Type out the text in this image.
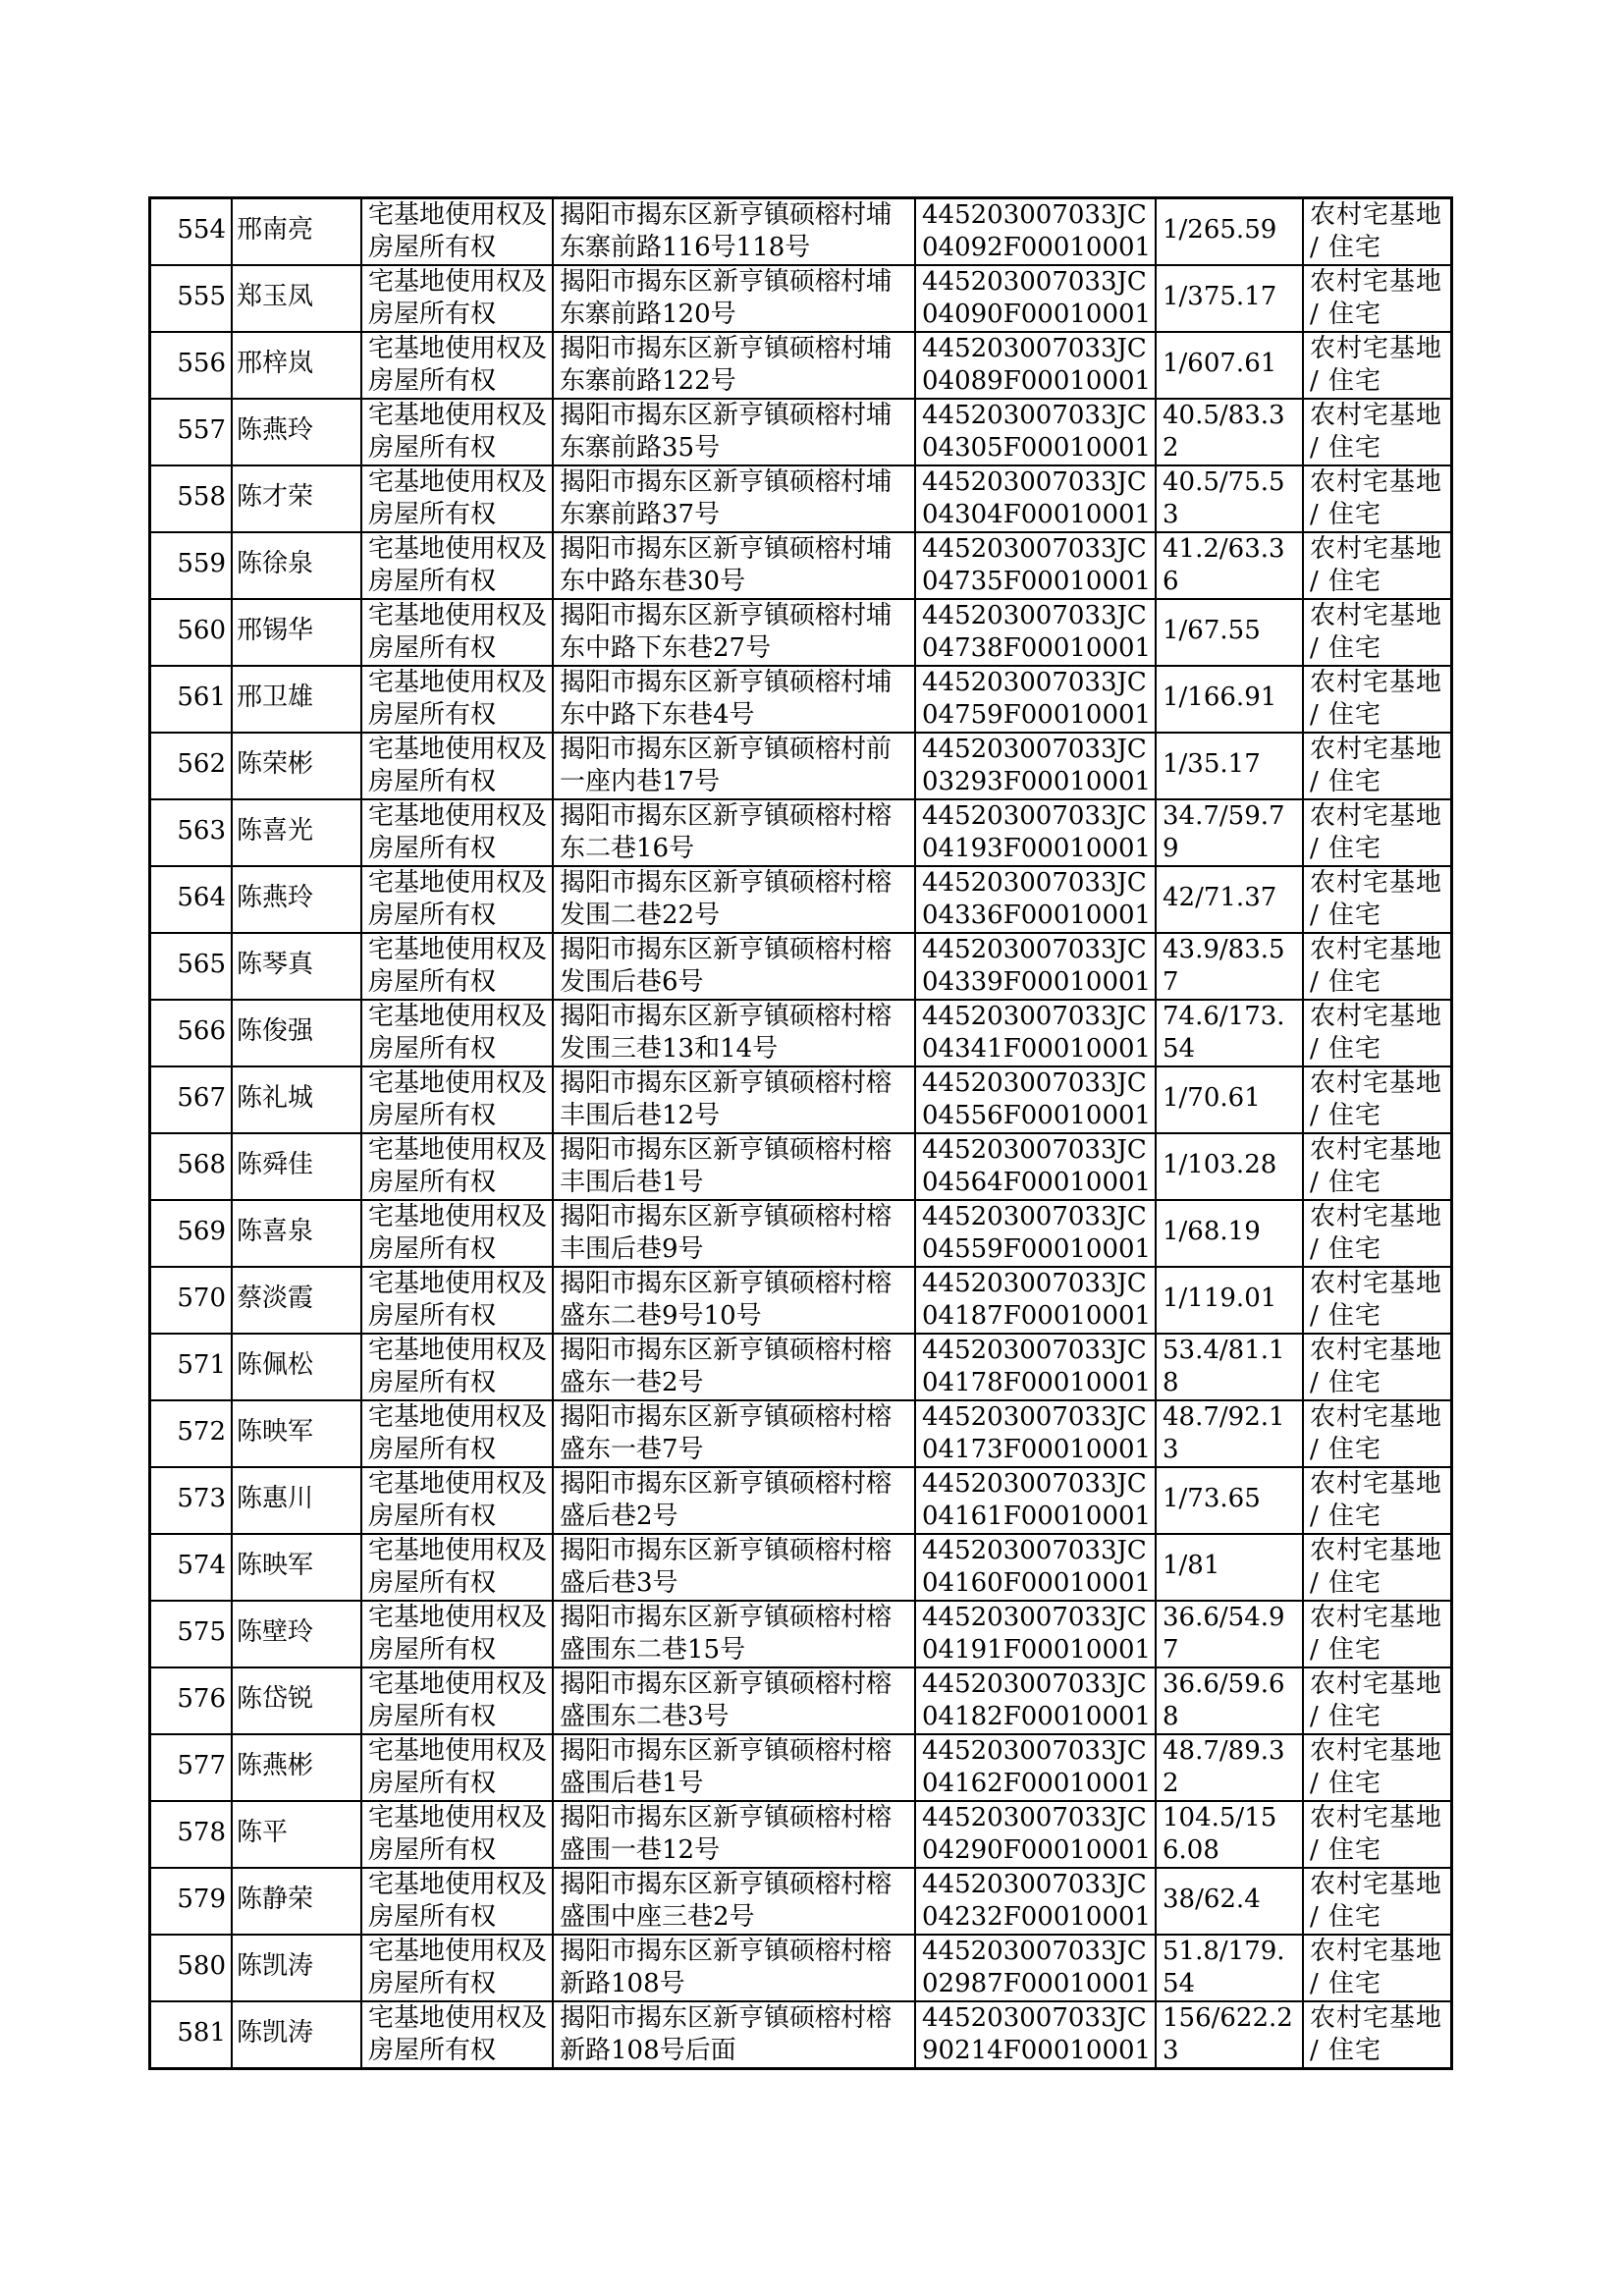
554	邢南亮	宅基地使用权及房屋所有权	揭阳市揭东区新亨镇硕榕村埔东寨前路116号118号	445203007033JC04092F00010001	1/265.59	农村宅基地 / 住宅

555	郑玉凤	宅基地使用权及房屋所有权	揭阳市揭东区新亨镇硕榕村埔东寨前路120号	445203007033JC04090F00010001	1/375.17	农村宅基地 / 住宅

556	邢梓岚	宅基地使用权及房屋所有权	揭阳市揭东区新亨镇硕榕村埔东寨前路122号	445203007033JC04089F00010001	1/607.61	农村宅基地 / 住宅

557	陈燕玲	宅基地使用权及房屋所有权	揭阳市揭东区新亨镇硕榕村埔东寨前路35号	445203007033JC04305F00010001	40.5/83.32	农村宅基地 / 住宅

558	陈才荣	宅基地使用权及房屋所有权	揭阳市揭东区新亨镇硕榕村埔东寨前路37号	445203007033JC04304F00010001	40.5/75.53	农村宅基地 / 住宅

559	陈徐泉	宅基地使用权及房屋所有权	揭阳市揭东区新亨镇硕榕村埔东中路东巷30号	445203007033JC04735F00010001	41.2/63.36	农村宅基地 / 住宅

560	邢锡华	宅基地使用权及房屋所有权	揭阳市揭东区新亨镇硕榕村埔东中路下东巷27号	445203007033JC04738F00010001	1/67.55	农村宅基地 / 住宅

561	邢卫雄	宅基地使用权及房屋所有权	揭阳市揭东区新亨镇硕榕村埔东中路下东巷4号	445203007033JC04759F00010001	1/166.91	农村宅基地 / 住宅

562	陈荣彬	宅基地使用权及房屋所有权	揭阳市揭东区新亨镇硕榕村前一座内巷17号	445203007033JC03293F00010001	1/35.17	农村宅基地 / 住宅

563	陈喜光	宅基地使用权及房屋所有权	揭阳市揭东区新亨镇硕榕村榕东二巷16号	445203007033JC04193F00010001	34.7/59.79	农村宅基地 / 住宅

564	陈燕玲	宅基地使用权及房屋所有权	揭阳市揭东区新亨镇硕榕村榕发围二巷22号	445203007033JC04336F00010001	42/71.37	农村宅基地 / 住宅

565	陈琴真	宅基地使用权及房屋所有权	揭阳市揭东区新亨镇硕榕村榕发围后巷6号	445203007033JC04339F00010001	43.9/83.57	农村宅基地 / 住宅

566	陈俊强	宅基地使用权及房屋所有权	揭阳市揭东区新亨镇硕榕村榕发围三巷13和14号	445203007033JC04341F00010001	74.6/173.54	农村宅基地 / 住宅

567	陈礼城	宅基地使用权及房屋所有权	揭阳市揭东区新亨镇硕榕村榕丰围后巷12号	445203007033JC04556F00010001	1/70.61	农村宅基地 / 住宅

568	陈舜佳	宅基地使用权及房屋所有权	揭阳市揭东区新亨镇硕榕村榕丰围后巷1号	445203007033JC04564F00010001	1/103.28	农村宅基地 / 住宅

569	陈喜泉	宅基地使用权及房屋所有权	揭阳市揭东区新亨镇硕榕村榕丰围后巷9号	445203007033JC04559F00010001	1/68.19	农村宅基地 / 住宅

570	蔡淡霞	宅基地使用权及房屋所有权	揭阳市揭东区新亨镇硕榕村榕盛东二巷9号10号	445203007033JC04187F00010001	1/119.01	农村宅基地 / 住宅

571	陈佩松	宅基地使用权及房屋所有权	揭阳市揭东区新亨镇硕榕村榕盛东一巷2号	445203007033JC04178F00010001	53.4/81.18	农村宅基地 / 住宅

572	陈映军	宅基地使用权及房屋所有权	揭阳市揭东区新亨镇硕榕村榕盛东一巷7号	445203007033JC04173F00010001	48.7/92.13	农村宅基地 / 住宅

573	陈惠川	宅基地使用权及房屋所有权	揭阳市揭东区新亨镇硕榕村榕盛后巷2号	445203007033JC04161F00010001	1/73.65	农村宅基地 / 住宅

574	陈映军	宅基地使用权及房屋所有权	揭阳市揭东区新亨镇硕榕村榕盛后巷3号	445203007033JC04160F00010001	1/81	农村宅基地 / 住宅

575	陈壁玲	宅基地使用权及房屋所有权	揭阳市揭东区新亨镇硕榕村榕盛围东二巷15号	445203007033JC04191F00010001	36.6/54.97	农村宅基地 / 住宅

576	陈岱锐	宅基地使用权及房屋所有权	揭阳市揭东区新亨镇硕榕村榕盛围东二巷3号	445203007033JC04182F00010001	36.6/59.68	农村宅基地 / 住宅

577	陈燕彬	宅基地使用权及房屋所有权	揭阳市揭东区新亨镇硕榕村榕盛围后巷1号	445203007033JC04162F00010001	48.7/89.32	农村宅基地 / 住宅

578	陈平	宅基地使用权及房屋所有权	揭阳市揭东区新亨镇硕榕村榕盛围一巷12号	445203007033JC04290F00010001	104.5/156.08	农村宅基地 / 住宅

579	陈静荣	宅基地使用权及房屋所有权	揭阳市揭东区新亨镇硕榕村榕盛围中座三巷2号	445203007033JC04232F00010001	38/62.4	农村宅基地 / 住宅

580	陈凯涛	宅基地使用权及房屋所有权	揭阳市揭东区新亨镇硕榕村榕新路108号	445203007033JC02987F00010001	51.8/179.54	农村宅基地 / 住宅

581	陈凯涛	宅基地使用权及房屋所有权	揭阳市揭东区新亨镇硕榕村榕新路108号后面	445203007033JC90214F00010001	156/622.23	农村宅基地 / 住宅
